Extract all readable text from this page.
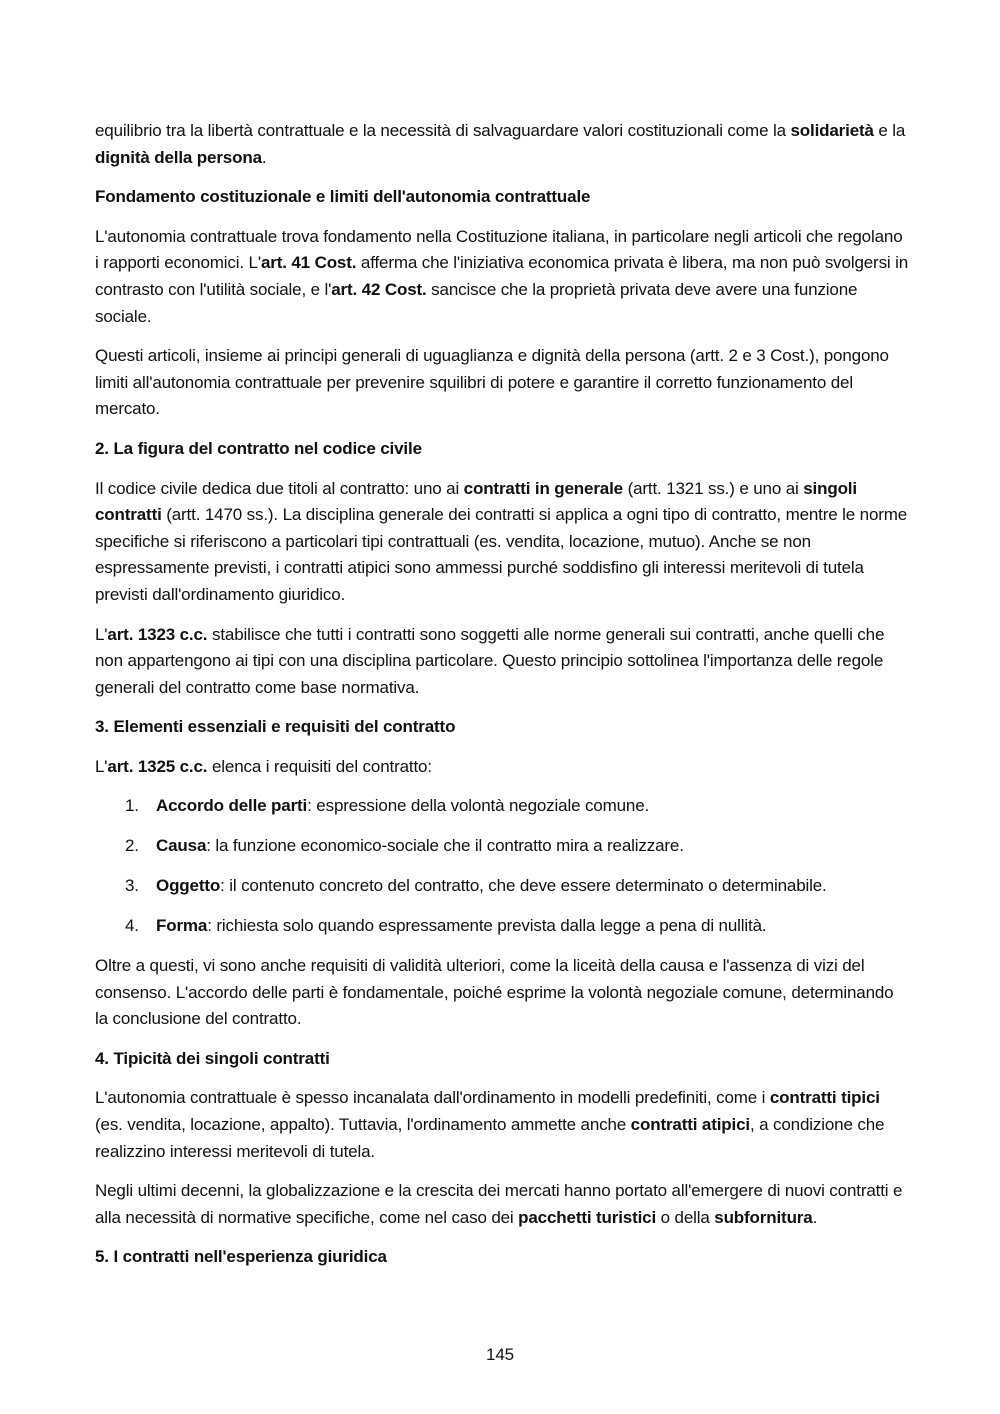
equilibrio tra la libertà contrattuale e la necessità di salvaguardare valori costituzionali come la solidarietà e la dignità della persona.

Fondamento costituzionale e limiti dell'autonomia contrattuale

L'autonomia contrattuale trova fondamento nella Costituzione italiana, in particolare negli articoli che regolano i rapporti economici. L'art. 41 Cost. afferma che l'iniziativa economica privata è libera, ma non può svolgersi in contrasto con l'utilità sociale, e l'art. 42 Cost. sancisce che la proprietà privata deve avere una funzione sociale.

Questi articoli, insieme ai principi generali di uguaglianza e dignità della persona (artt. 2 e 3 Cost.), pongono limiti all'autonomia contrattuale per prevenire squilibri di potere e garantire il corretto funzionamento del mercato.

2. La figura del contratto nel codice civile

Il codice civile dedica due titoli al contratto: uno ai contratti in generale (artt. 1321 ss.) e uno ai singoli contratti (artt. 1470 ss.). La disciplina generale dei contratti si applica a ogni tipo di contratto, mentre le norme specifiche si riferiscono a particolari tipi contrattuali (es. vendita, locazione, mutuo). Anche se non espressamente previsti, i contratti atipici sono ammessi purché soddisfino gli interessi meritevoli di tutela previsti dall'ordinamento giuridico.

L'art. 1323 c.c. stabilisce che tutti i contratti sono soggetti alle norme generali sui contratti, anche quelli che non appartengono ai tipi con una disciplina particolare. Questo principio sottolinea l'importanza delle regole generali del contratto come base normativa.

3. Elementi essenziali e requisiti del contratto

L'art. 1325 c.c. elenca i requisiti del contratto:

1. Accordo delle parti: espressione della volontà negoziale comune.
2. Causa: la funzione economico-sociale che il contratto mira a realizzare.
3. Oggetto: il contenuto concreto del contratto, che deve essere determinato o determinabile.
4. Forma: richiesta solo quando espressamente prevista dalla legge a pena di nullità.

Oltre a questi, vi sono anche requisiti di validità ulteriori, come la liceità della causa e l'assenza di vizi del consenso. L'accordo delle parti è fondamentale, poiché esprime la volontà negoziale comune, determinando la conclusione del contratto.

4. Tipicità dei singoli contratti

L'autonomia contrattuale è spesso incanalata dall'ordinamento in modelli predefiniti, come i contratti tipici (es. vendita, locazione, appalto). Tuttavia, l'ordinamento ammette anche contratti atipici, a condizione che realizzino interessi meritevoli di tutela.

Negli ultimi decenni, la globalizzazione e la crescita dei mercati hanno portato all'emergere di nuovi contratti e alla necessità di normative specifiche, come nel caso dei pacchetti turistici o della subfornitura.

5. I contratti nell'esperienza giuridica
145
